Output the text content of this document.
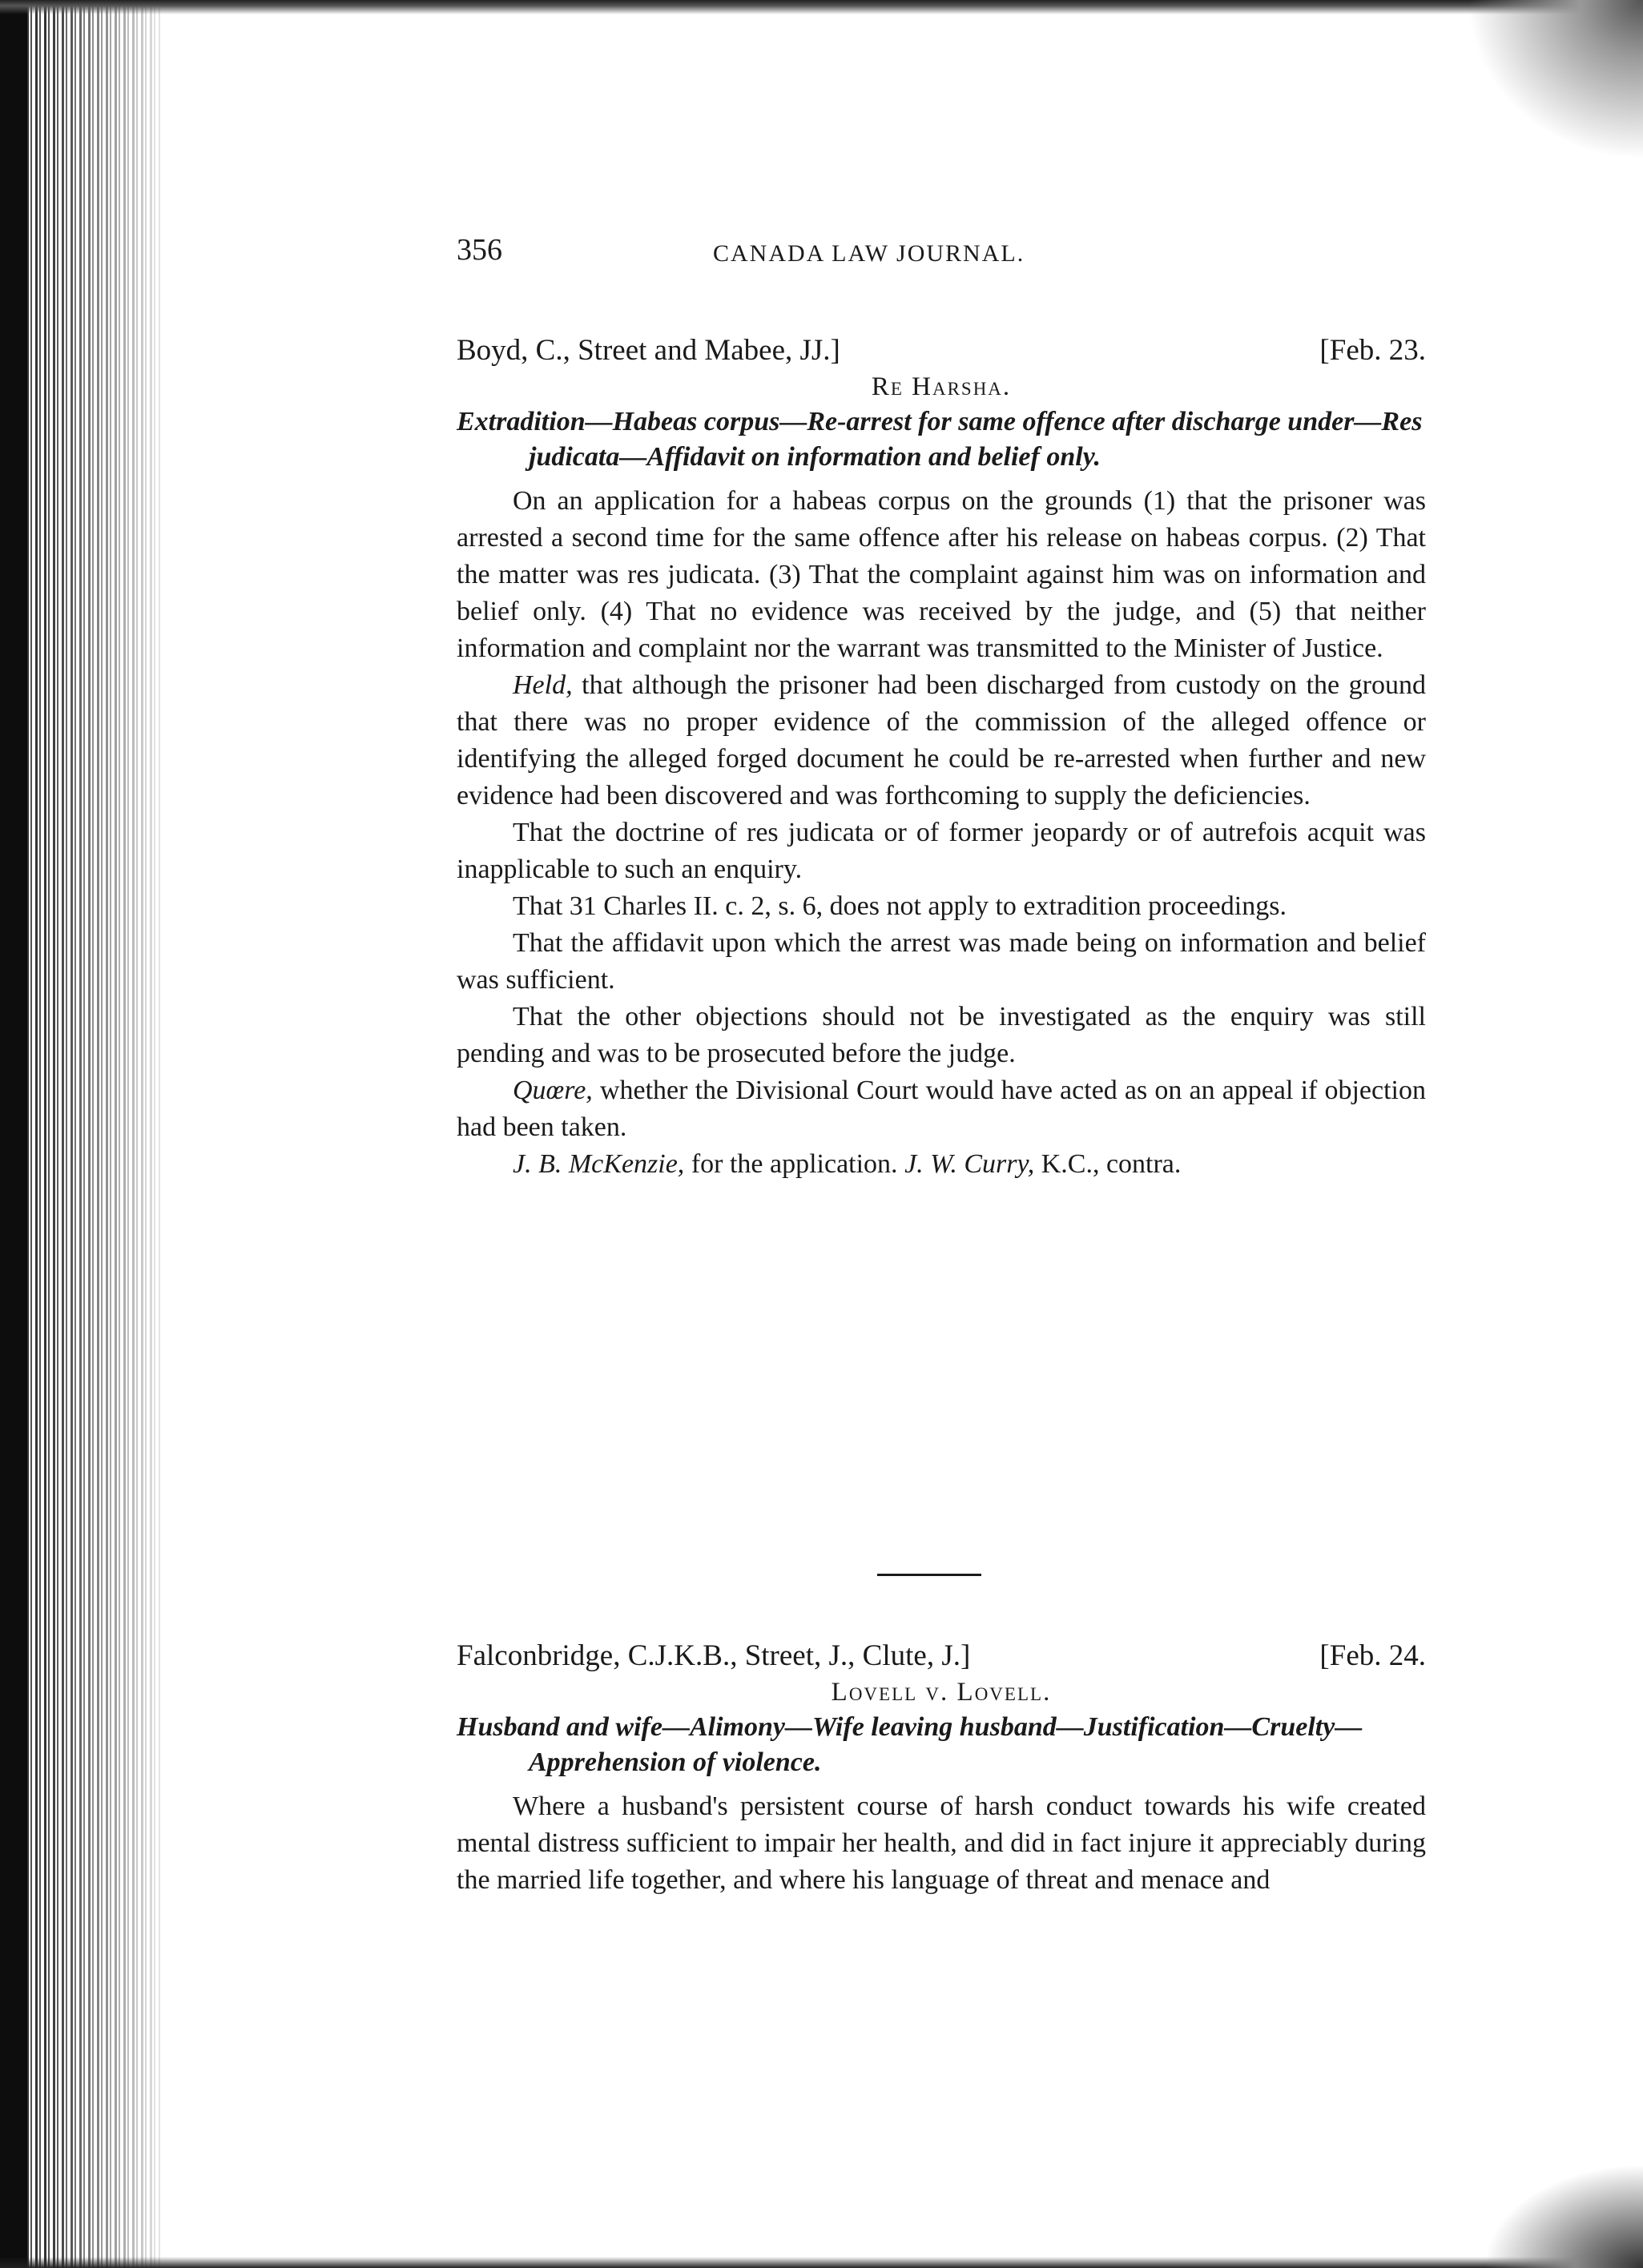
356	CANADA LAW JOURNAL.
Boyd, C., Street and Mabee, JJ.]	[Feb. 23.
Re Harsha.
Extradition—Habeas corpus—Re-arrest for same offence after discharge under—Res judicata—Affidavit on information and belief only.

On an application for a habeas corpus on the grounds (1) that the prisoner was arrested a second time for the same offence after his release on habeas corpus. (2) That the matter was res judicata. (3) That the complaint against him was on information and belief only. (4) That no evidence was received by the judge, and (5) that neither information and complaint nor the warrant was transmitted to the Minister of Justice.

Held, that although the prisoner had been discharged from custody on the ground that there was no proper evidence of the commission of the alleged offence or identifying the alleged forged document he could be re-arrested when further and new evidence had been discovered and was forthcoming to supply the deficiencies.

That the doctrine of res judicata or of former jeopardy or of autrefois acquit was inapplicable to such an enquiry.

That 31 Charles II. c. 2, s. 6, does not apply to extradition proceedings.

That the affidavit upon which the arrest was made being on information and belief was sufficient.

That the other objections should not be investigated as the enquiry was still pending and was to be prosecuted before the judge.

Quœre, whether the Divisional Court would have acted as on an appeal if objection had been taken.

J. B. McKenzie, for the application. J. W. Curry, K.C., contra.

Falconbridge, C.J.K.B., Street, J., Clute, J.]	[Feb. 24.
Lovell v. Lovell.
Husband and wife—Alimony—Wife leaving husband—Justification—Cruelty—Apprehension of violence.

Where a husband's persistent course of harsh conduct towards his wife created mental distress sufficient to impair her health, and did in fact injure it appreciably during the married life together, and where his language of threat and menace and
